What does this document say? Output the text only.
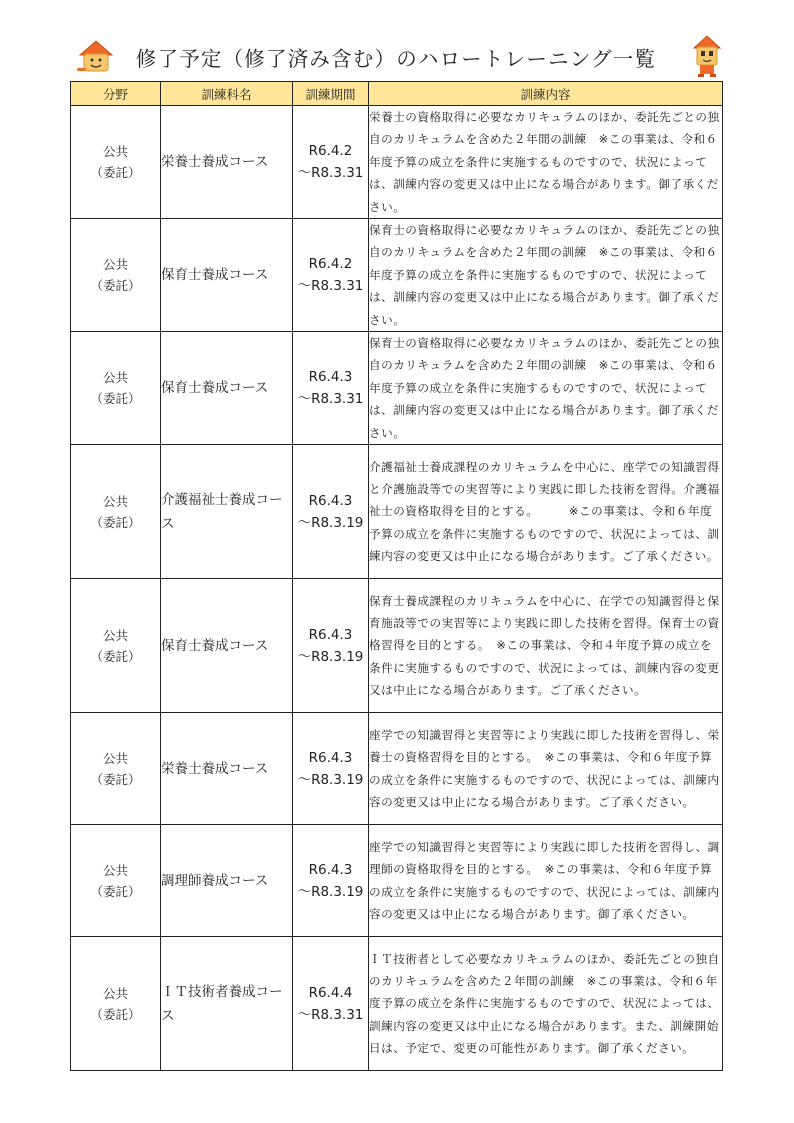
修了予定（修了済み含む）のハロートレーニング一覧
分野	訓練科名	訓練期間	訓練内容

公共
（委託）	栄養士養成コース	R6.4.2
〜R8.3.31	栄養士の資格取得に必要なカリキュラムのほか、委託先ごとの独自のカリキュラムを含めた２年間の訓練　※この事業は、令和６年度予算の成立を条件に実施するものですので、状況によっては、訓練内容の変更又は中止になる場合があります。御了承ください。

公共
（委託）	保育士養成コース	R6.4.2
〜R8.3.31	保育士の資格取得に必要なカリキュラムのほか、委託先ごとの独自のカリキュラムを含めた２年間の訓練　※この事業は、令和６年度予算の成立を条件に実施するものですので、状況によっては、訓練内容の変更又は中止になる場合があります。御了承ください。

公共
（委託）	保育士養成コース	R6.4.3
〜R8.3.31	保育士の資格取得に必要なカリキュラムのほか、委託先ごとの独自のカリキュラムを含めた２年間の訓練　※この事業は、令和６年度予算の成立を条件に実施するものですので、状況によっては、訓練内容の変更又は中止になる場合があります。御了承ください。

公共
（委託）	介護福祉士養成コース	R6.4.3
〜R8.3.19	介護福祉士養成課程のカリキュラムを中心に、座学での知識習得と介護施設等での実習等により実践に即した技術を習得。介護福祉士の資格取得を目的とする。　　　※この事業は、令和６年度予算の成立を条件に実施するものですので、状況によっては、訓練内容の変更又は中止になる場合があります。ご了承ください。

公共
（委託）	保育士養成コース	R6.4.3
〜R8.3.19	保育士養成課程のカリキュラムを中心に、在学での知識習得と保育施設等での実習等により実践に即した技術を習得。保育士の資格習得を目的とする。　※この事業は、令和４年度予算の成立を条件に実施するものですので、状況によっては、訓練内容の変更又は中止になる場合があります。ご了承ください。

公共
（委託）	栄養士養成コース	R6.4.3
〜R8.3.19	座学での知識習得と実習等により実践に即した技術を習得し、栄養士の資格習得を目的とする。　※この事業は、令和６年度予算の成立を条件に実施するものですので、状況によっては、訓練内容の変更又は中止になる場合があります。ご了承ください。

公共
（委託）	調理師養成コース	R6.4.3
〜R8.3.19	座学での知識習得と実習等により実践に即した技術を習得し、調理師の資格取得を目的とする。　※この事業は、令和６年度予算の成立を条件に実施するものですので、状況によっては、訓練内容の変更又は中止になる場合があります。御了承ください。

公共
（委託）	ＩＴ技術者養成コース	R6.4.4
〜R8.3.31	ＩＴ技術者として必要なカリキュラムのほか、委託先ごとの独自のカリキュラムを含めた２年間の訓練　※この事業は、令和６年度予算の成立を条件に実施するものですので、状況によっては、訓練内容の変更又は中止になる場合があります。また、訓練開始日は、予定で、変更の可能性があります。御了承ください。
